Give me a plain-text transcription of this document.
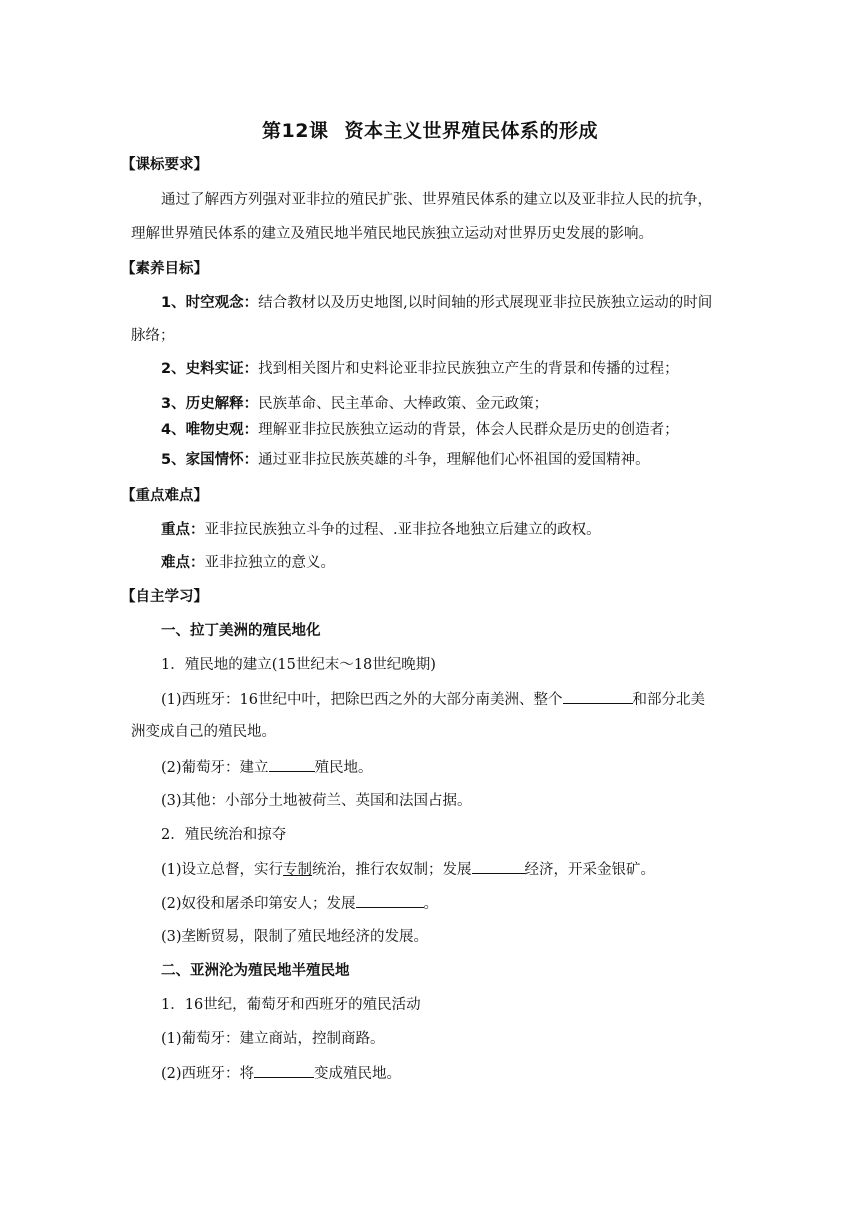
第12课 资本主义世界殖民体系的形成
【课标要求】
通过了解西方列强对亚非拉的殖民扩张、世界殖民体系的建立以及亚非拉人民的抗争，
理解世界殖民体系的建立及殖民地半殖民地民族独立运动对世界历史发展的影响。
【素养目标】
1、时空观念：结合教材以及历史地图,以时间轴的形式展现亚非拉民族独立运动的时间
脉络；
2、史料实证：找到相关图片和史料论亚非拉民族独立产生的背景和传播的过程；
3、历史解释：民族革命、民主革命、大棒政策、金元政策；
4、唯物史观：理解亚非拉民族独立运动的背景，体会人民群众是历史的创造者；
5、家国情怀：通过亚非拉民族英雄的斗争，理解他们心怀祖国的爱国精神。
【重点难点】
重点：亚非拉民族独立斗争的过程、.亚非拉各地独立后建立的政权。
难点：亚非拉独立的意义。
【自主学习】
一、拉丁美洲的殖民地化
1．殖民地的建立(15世纪末～18世纪晚期)
(1)西班牙：16世纪中叶，把除巴西之外的大部分南美洲、整个	和部分北美
洲变成自己的殖民地。
(2)葡萄牙：建立	殖民地。
(3)其他：小部分土地被荷兰、英国和法国占据。
2．殖民统治和掠夺
(1)设立总督，实行专制统治，推行农奴制；发展	经济，开采金银矿。
(2)奴役和屠杀印第安人；发展	。
(3)垄断贸易，限制了殖民地经济的发展。
二、亚洲沦为殖民地半殖民地
1．16世纪，葡萄牙和西班牙的殖民活动
(1)葡萄牙：建立商站，控制商路。
(2)西班牙：将	变成殖民地。
